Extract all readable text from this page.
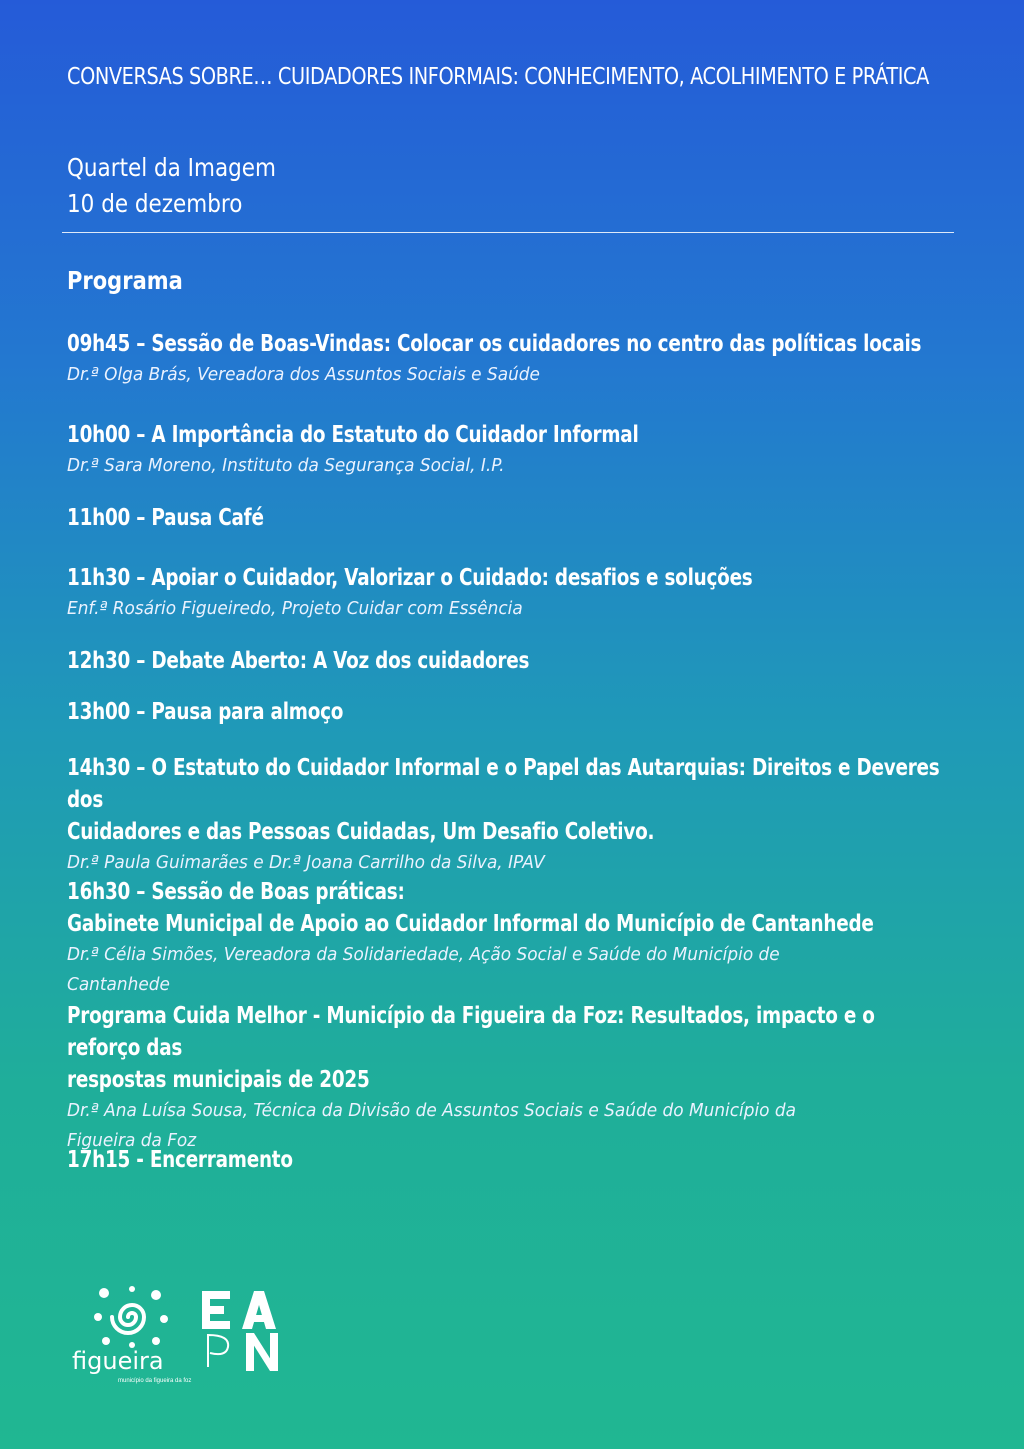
CONVERSAS SOBRE… CUIDADORES INFORMAIS: CONHECIMENTO, ACOLHIMENTO E PRÁTICA
Quartel da Imagem
10 de dezembro
Programa
09h45 – Sessão de Boas-Vindas: Colocar os cuidadores no centro das políticas locais
Dr.ª Olga Brás, Vereadora dos Assuntos Sociais e Saúde
10h00 – A Importância do Estatuto do Cuidador Informal
Dr.ª Sara Moreno, Instituto da Segurança Social, I.P.
11h00 – Pausa Café
11h30 – Apoiar o Cuidador, Valorizar o Cuidado: desafios e soluções
Enf.ª Rosário Figueiredo, Projeto Cuidar com Essência
12h30 – Debate Aberto: A Voz dos cuidadores
13h00 – Pausa para almoço
14h30 – O Estatuto do Cuidador Informal e o Papel das Autarquias: Direitos e Deveres dos
Cuidadores e das Pessoas Cuidadas, Um Desafio Coletivo.
Dr.ª Paula Guimarães e Dr.ª Joana Carrilho da Silva, IPAV
16h30 – Sessão de Boas práticas:
Gabinete Municipal de Apoio ao Cuidador Informal do Município de Cantanhede
Dr.ª Célia Simões, Vereadora da Solidariedade, Ação Social e Saúde do Município de
Cantanhede
Programa Cuida Melhor - Município da Figueira da Foz: Resultados, impacto e o reforço das
respostas municipais de 2025
Dr.ª Ana Luísa Sousa, Técnica da Divisão de Assuntos Sociais e Saúde do Município da
Figueira da Foz
17h15 - Encerramento
figueira
município da figueira da foz
